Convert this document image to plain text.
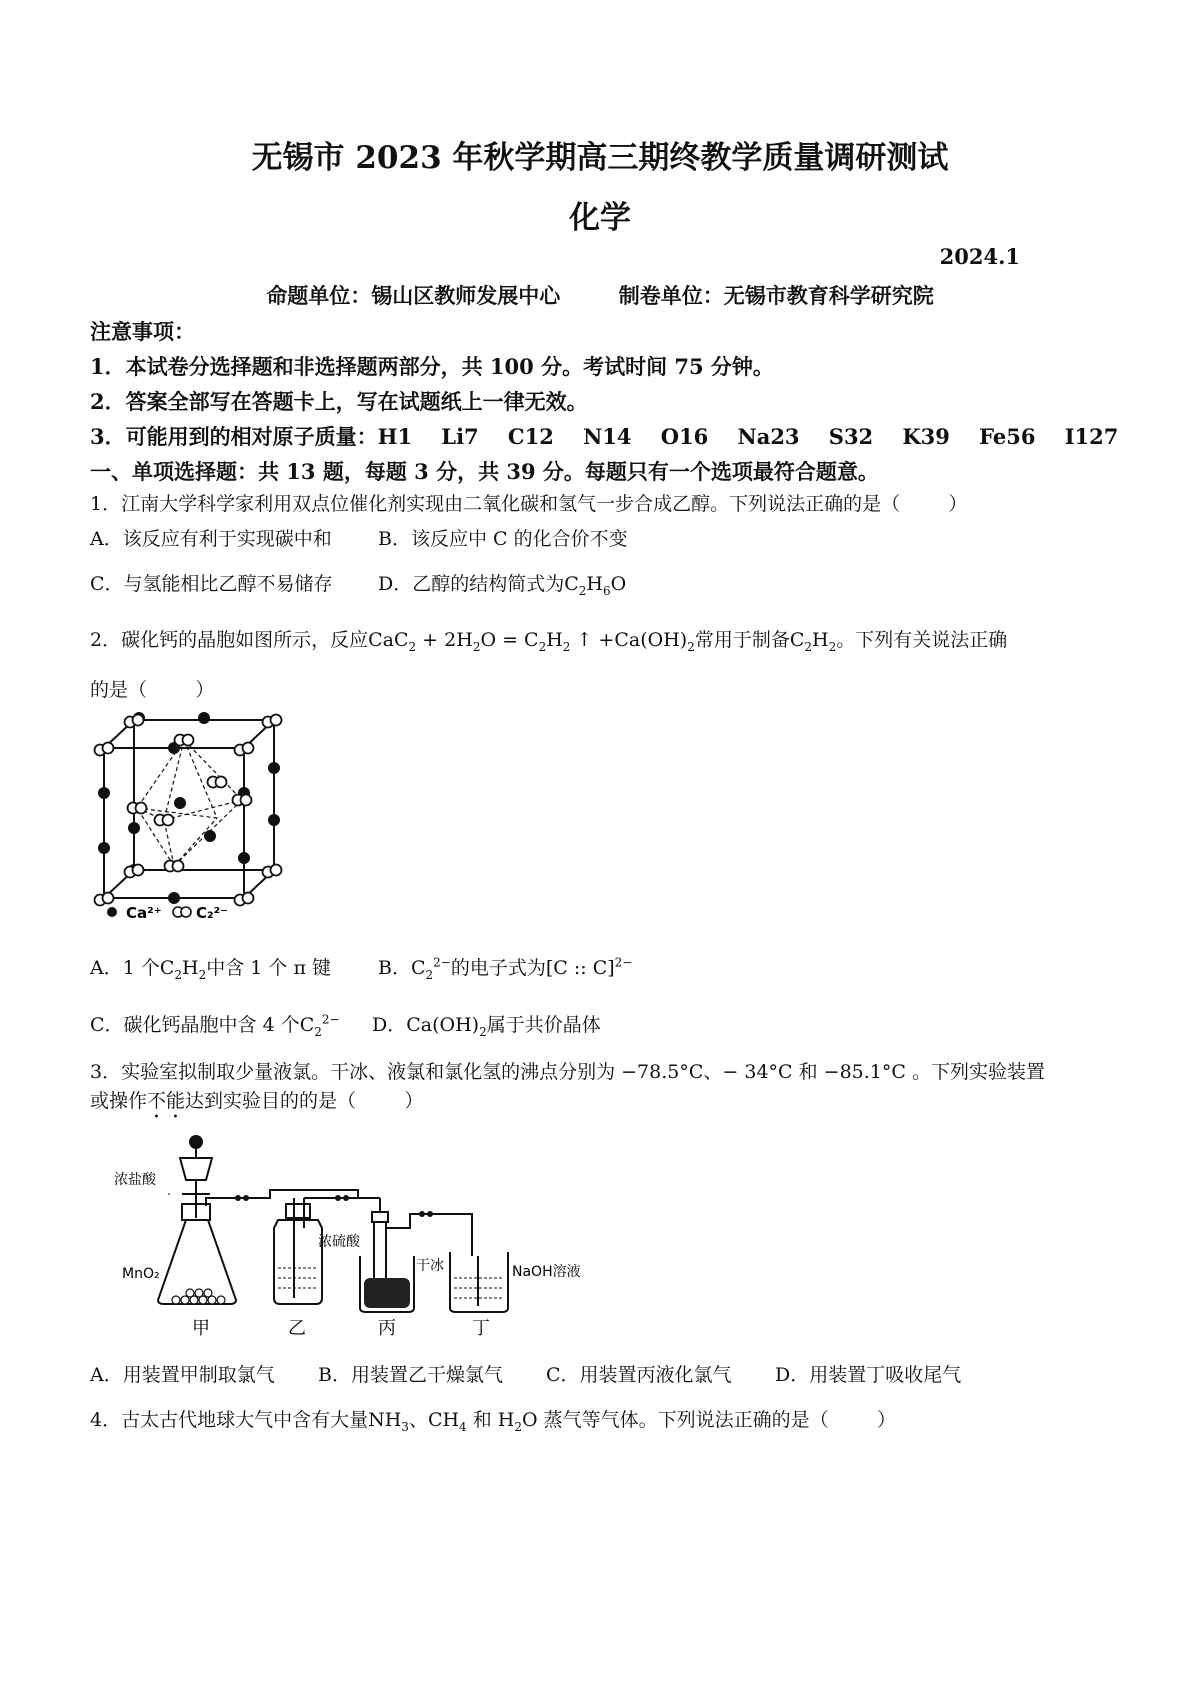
无锡市 2023 年秋学期高三期终教学质量调研测试
化学
2024.1
命题单位：锡山区教师发展中心        制卷单位：无锡市教育科学研究院
注意事项：
1．本试卷分选择题和非选择题两部分，共 100 分。考试时间 75 分钟。
2．答案全部写在答题卡上，写在试题纸上一律无效。
3．可能用到的相对原子质量：H1    Li7    C12    N14    O16    Na23    S32    K39    Fe56    I127
一、单项选择题：共 13 题，每题 3 分，共 39 分。每题只有一个选项最符合题意。
1．江南大学科学家利用双点位催化剂实现由二氧化碳和氢气一步合成乙醇。下列说法正确的是（        ）
A．该反应有利于实现碳中和 B．该反应中 C 的化合价不变
C．与氢能相比乙醇不易储存 D．乙醇的结构简式为$C_2H_6O$
2．碳化钙的晶胞如图所示，反应$CaC_2 + 2H_2O = C_2H_2$ ↑ $+Ca(OH)_2$常用于制备$C_2H_2$。下列有关说法正确
的是（        ）
Ca²⁺ C₂²⁻
A．1 个$C_2H_2$中含 1 个 π 键 B．$C_2^{2-}$的电子式为[C :: C]$^{2-}$
C．碳化钙晶胞中含 4 个$C_2^{2-}$ D．$Ca(OH)_2$属于共价晶体
3．实验室拟制取少量液氯。干冰、液氯和氯化氢的沸点分别为 −78.5°C、− 34°C 和 −85.1°C 。下列实验装置
或操作不能达到实验目的的是（        ）
浓盐酸
MnO₂
浓硫酸
干冰	NaOH溶液
甲	乙	丙	丁
A．用装置甲制取氯气 B．用装置乙干燥氯气 C．用装置丙液化氯气 D．用装置丁吸收尾气
4．古太古代地球大气中含有大量$NH_3$、$CH_4$ 和 $H_2O$ 蒸气等气体。下列说法正确的是（        ）
